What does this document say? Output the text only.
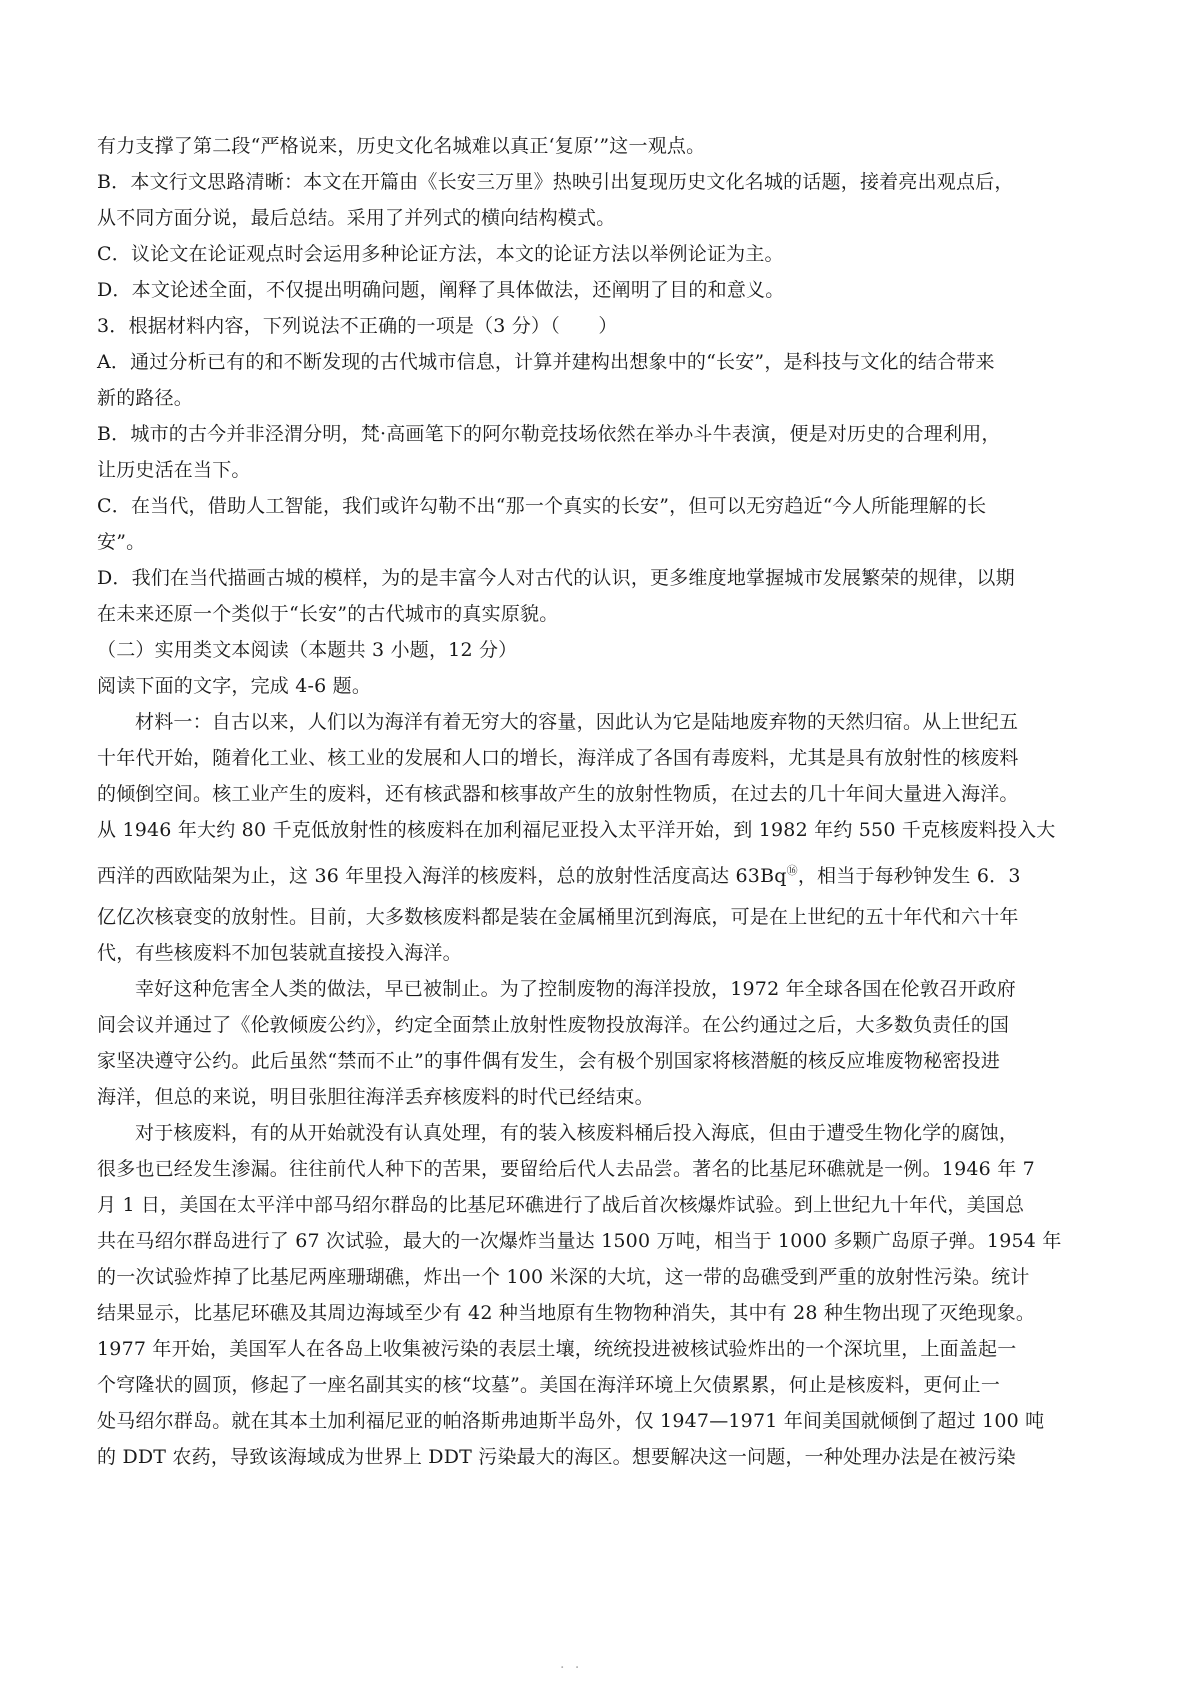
有力支撑了第二段“严格说来，历史文化名城难以真正‘复原’”这一观点。

B．本文行文思路清晰：本文在开篇由《长安三万里》热映引出复现历史文化名城的话题，接着亮出观点后，

从不同方面分说，最后总结。采用了并列式的横向结构模式。

C．议论文在论证观点时会运用多种论证方法，本文的论证方法以举例论证为主。

D．本文论述全面，不仅提出明确问题，阐释了具体做法，还阐明了目的和意义。

3．根据材料内容，下列说法不正确的一项是（3 分）（　　）

A．通过分析已有的和不断发现的古代城市信息，计算并建构出想象中的“长安”，是科技与文化的结合带来

新的路径。

B．城市的古今并非泾渭分明，梵·高画笔下的阿尔勒竞技场依然在举办斗牛表演，便是对历史的合理利用，

让历史活在当下。

C．在当代，借助人工智能，我们或许勾勒不出“那一个真实的长安”，但可以无穷趋近“今人所能理解的长

安”。

D．我们在当代描画古城的模样，为的是丰富今人对古代的认识，更多维度地掌握城市发展繁荣的规律，以期

在未来还原一个类似于“长安”的古代城市的真实原貌。

（二）实用类文本阅读（本题共 3 小题，12 分）

阅读下面的文字，完成 4-6 题。

材料一：自古以来，人们以为海洋有着无穷大的容量，因此认为它是陆地废弃物的天然归宿。从上世纪五

十年代开始，随着化工业、核工业的发展和人口的增长，海洋成了各国有毒废料，尤其是具有放射性的核废料

的倾倒空间。核工业产生的废料，还有核武器和核事故产生的放射性物质，在过去的几十年间大量进入海洋。

从 1946 年大约 80 千克低放射性的核废料在加利福尼亚投入太平洋开始，到 1982 年约 550 千克核废料投入大

西洋的西欧陆架为止，这 36 年里投入海洋的核废料，总的放射性活度高达 63Bq⑯，相当于每秒钟发生 6．3

亿亿次核衰变的放射性。目前，大多数核废料都是装在金属桶里沉到海底，可是在上世纪的五十年代和六十年

代，有些核废料不加包装就直接投入海洋。

幸好这种危害全人类的做法，早已被制止。为了控制废物的海洋投放，1972 年全球各国在伦敦召开政府

间会议并通过了《伦敦倾废公约》，约定全面禁止放射性废物投放海洋。在公约通过之后，大多数负责任的国

家坚决遵守公约。此后虽然“禁而不止”的事件偶有发生，会有极个别国家将核潜艇的核反应堆废物秘密投进

海洋，但总的来说，明目张胆往海洋丢弃核废料的时代已经结束。

对于核废料，有的从开始就没有认真处理，有的装入核废料桶后投入海底，但由于遭受生物化学的腐蚀，

很多也已经发生渗漏。往往前代人种下的苦果，要留给后代人去品尝。著名的比基尼环礁就是一例。1946 年 7

月 1 日，美国在太平洋中部马绍尔群岛的比基尼环礁进行了战后首次核爆炸试验。到上世纪九十年代，美国总

共在马绍尔群岛进行了 67 次试验，最大的一次爆炸当量达 1500 万吨，相当于 1000 多颗广岛原子弹。1954 年

的一次试验炸掉了比基尼两座珊瑚礁，炸出一个 100 米深的大坑，这一带的岛礁受到严重的放射性污染。统计

结果显示，比基尼环礁及其周边海域至少有 42 种当地原有生物物种消失，其中有 28 种生物出现了灭绝现象。

1977 年开始，美国军人在各岛上收集被污染的表层土壤，统统投进被核试验炸出的一个深坑里，上面盖起一

个穹隆状的圆顶，修起了一座名副其实的核“坟墓”。美国在海洋环境上欠债累累，何止是核废料，更何止一

处马绍尔群岛。就在其本土加利福尼亚的帕洛斯弗迪斯半岛外，仅 1947—1971 年间美国就倾倒了超过 100 吨

的 DDT 农药，导致该海域成为世界上 DDT 污染最大的海区。想要解决这一问题，一种处理办法是在被污染

· ·
